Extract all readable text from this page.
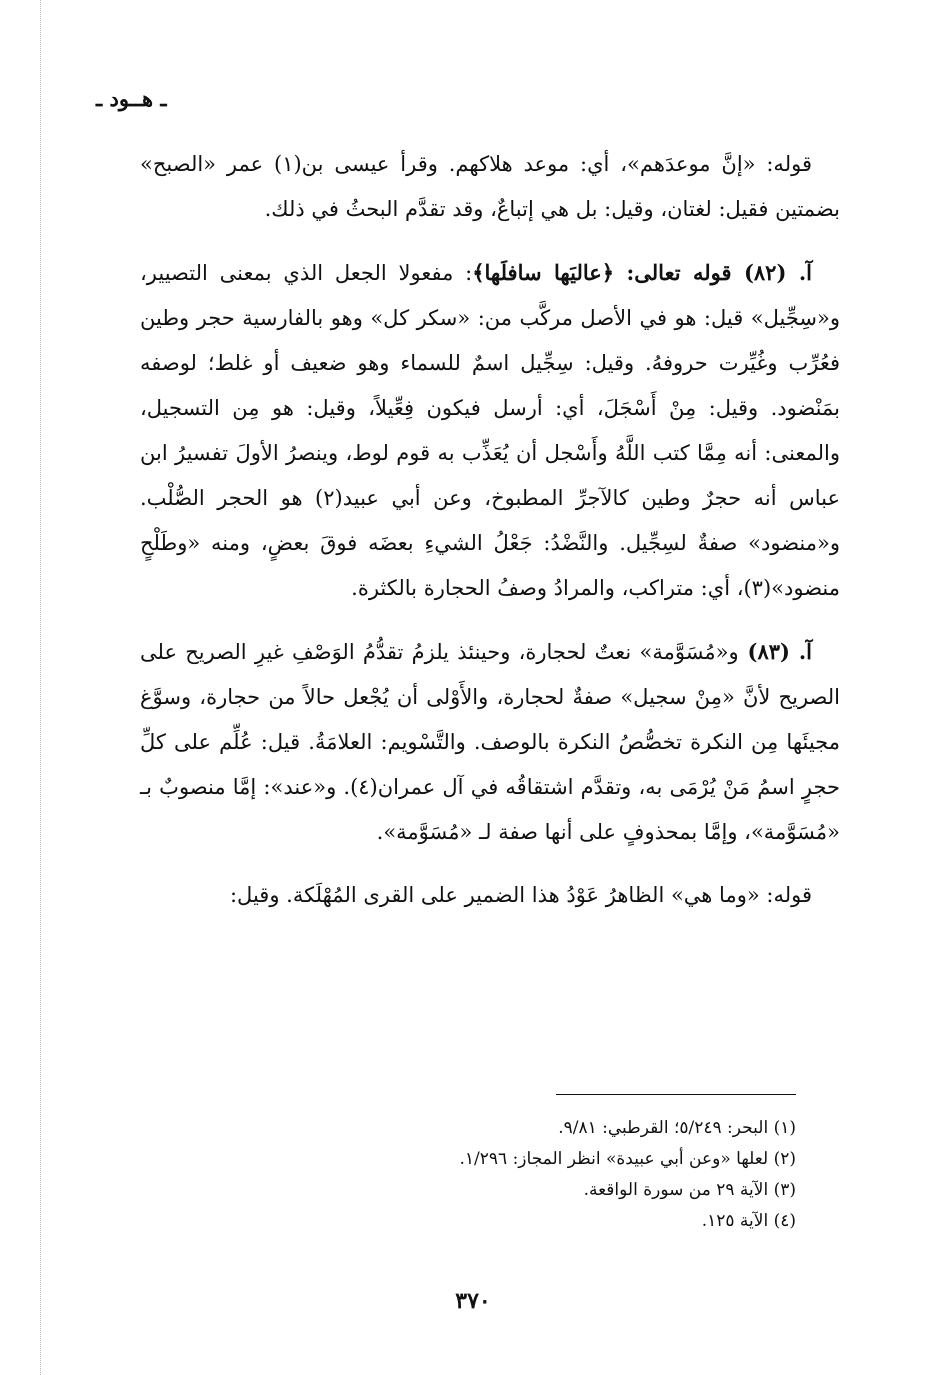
ـ هــود ـ

قوله: «إنَّ موعدَهم»، أي: موعد هلاكهم. وقرأ عيسى بن(١) عمر «الصبح» بضمتين فقيل: لغتان، وقيل: بل هي إتباعٌ، وقد تقدَّم البحثُ في ذلك.

آ. (٨٢) قوله تعالى: ﴿عاليَها سافلَها﴾: مفعولا الجعل الذي بمعنى التصيير، و«سِجِّيل» قيل: هو في الأصل مركَّب من: «سكر كل» وهو بالفارسية حجر وطين فعُرِّب وغُيِّرت حروفهُ. وقيل: سِجِّيل اسمٌ للسماء وهو ضعيف أو غلط؛ لوصفه بمَنْضود. وقيل: مِنْ أَسْجَلَ، أي: أرسل فيكون فِعِّيلاً، وقيل: هو مِن التسجيل، والمعنى: أنه مِمَّا كتب اللَّهُ وأَسْجل أن يُعَذِّب به قوم لوط، وينصرُ الأولَ تفسيرُ ابن عباس أنه حجرٌ وطين كالآجرِّ المطبوخ، وعن أبي عبيد(٢) هو الحجر الصُّلْب. و«منضود» صفةٌ لسِجِّيل. والنَّضْدُ: جَعْلُ الشيءِ بعضَه فوقَ بعضٍ، ومنه «وطَلْحٍ منضود»(٣)، أي: متراكب، والمرادُ وصفُ الحجارة بالكثرة.

آ. (٨٣) و«مُسَوَّمة» نعتٌ لحجارة، وحينئذ يلزمُ تقدُّمُ الوَصْفِ غيرِ الصريح على الصريح لأنَّ «مِنْ سجيل» صفةٌ لحجارة، والأَوْلى أن يُجْعل حالاً من حجارة، وسوَّغ مجيئَها مِن النكرة تخصُّصُ النكرة بالوصف. والتَّسْويم: العلامَةُ. قيل: عُلِّم على كلِّ حجرٍ اسمُ مَنْ يُرْمَى به، وتقدَّم اشتقاقُه في آل عمران(٤). و«عند»: إمَّا منصوبٌ بـ «مُسَوَّمة»، وإمَّا بمحذوفٍ على أنها صفة لـ «مُسَوَّمة».

قوله: «وما هي» الظاهرُ عَوْدُ هذا الضمير على القرى المُهْلَكة. وقيل:

(١) البحر: ٥/٢٤٩؛ القرطبي: ٩/٨١.

(٢) لعلها «وعن أبي عبيدة» انظر المجاز: ١/٢٩٦.

(٣) الآية ٢٩ من سورة الواقعة.

(٤) الآية ١٢٥.

٣٧٠
